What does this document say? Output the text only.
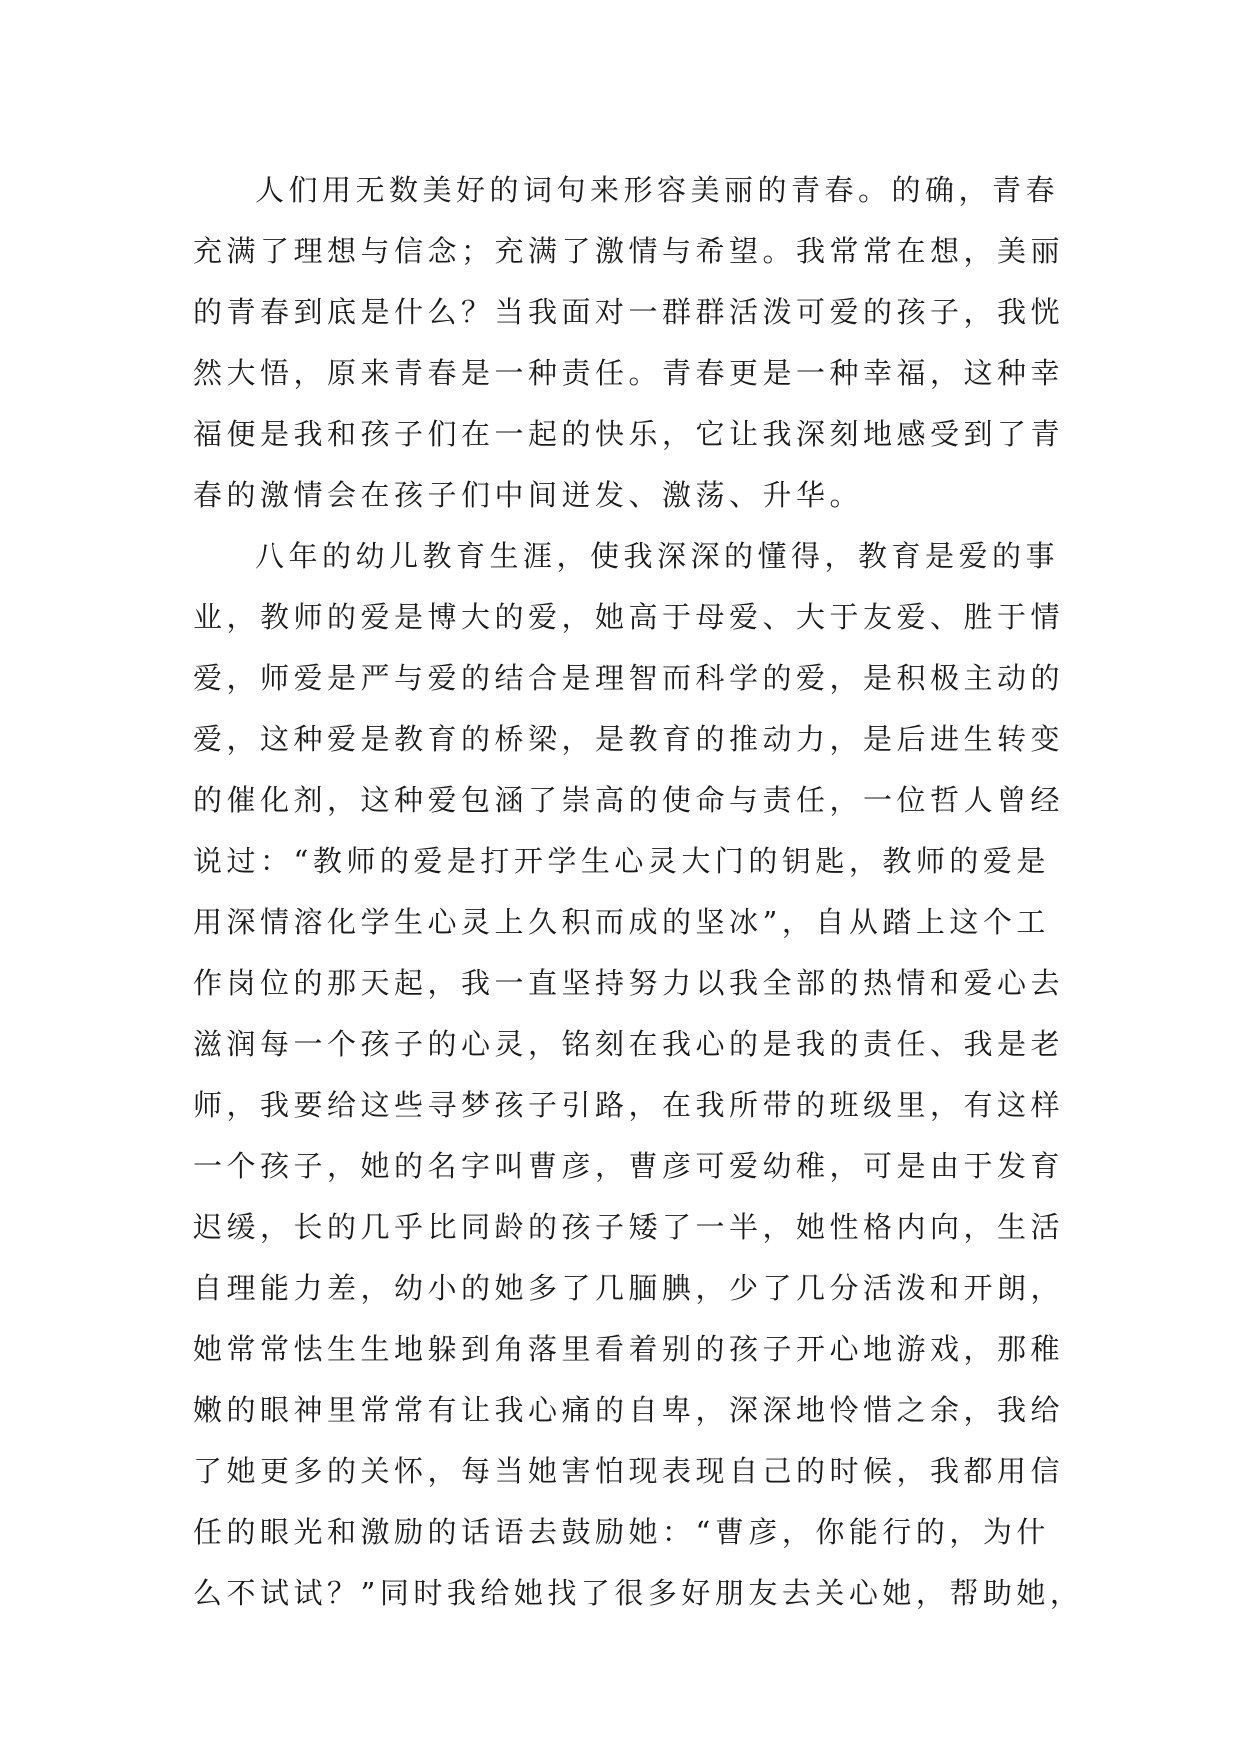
人们用无数美好的词句来形容美丽的青春。的确，青春
充满了理想与信念；充满了激情与希望。我常常在想，美丽
的青春到底是什么？当我面对一群群活泼可爱的孩子，我恍
然大悟，原来青春是一种责任。青春更是一种幸福，这种幸
福便是我和孩子们在一起的快乐，它让我深刻地感受到了青
春的激情会在孩子们中间迸发、激荡、升华。
八年的幼儿教育生涯，使我深深的懂得，教育是爱的事
业，教师的爱是博大的爱，她高于母爱、大于友爱、胜于情
爱，师爱是严与爱的结合是理智而科学的爱，是积极主动的
爱，这种爱是教育的桥梁，是教育的推动力，是后进生转变
的催化剂，这种爱包涵了崇高的使命与责任，一位哲人曾经
说过：“教师的爱是打开学生心灵大门的钥匙，教师的爱是
用深情溶化学生心灵上久积而成的坚冰”，自从踏上这个工
作岗位的那天起，我一直坚持努力以我全部的热情和爱心去
滋润每一个孩子的心灵，铭刻在我心的是我的责任、我是老
师，我要给这些寻梦孩子引路，在我所带的班级里，有这样
一个孩子，她的名字叫曹彦，曹彦可爱幼稚，可是由于发育
迟缓，长的几乎比同龄的孩子矮了一半，她性格内向，生活
自理能力差，幼小的她多了几腼腆，少了几分活泼和开朗，
她常常怯生生地躲到角落里看着别的孩子开心地游戏，那稚
嫩的眼神里常常有让我心痛的自卑，深深地怜惜之余，我给
了她更多的关怀，每当她害怕现表现自己的时候，我都用信
任的眼光和激励的话语去鼓励她：“曹彦，你能行的，为什
么不试试？”同时我给她找了很多好朋友去关心她，帮助她，
